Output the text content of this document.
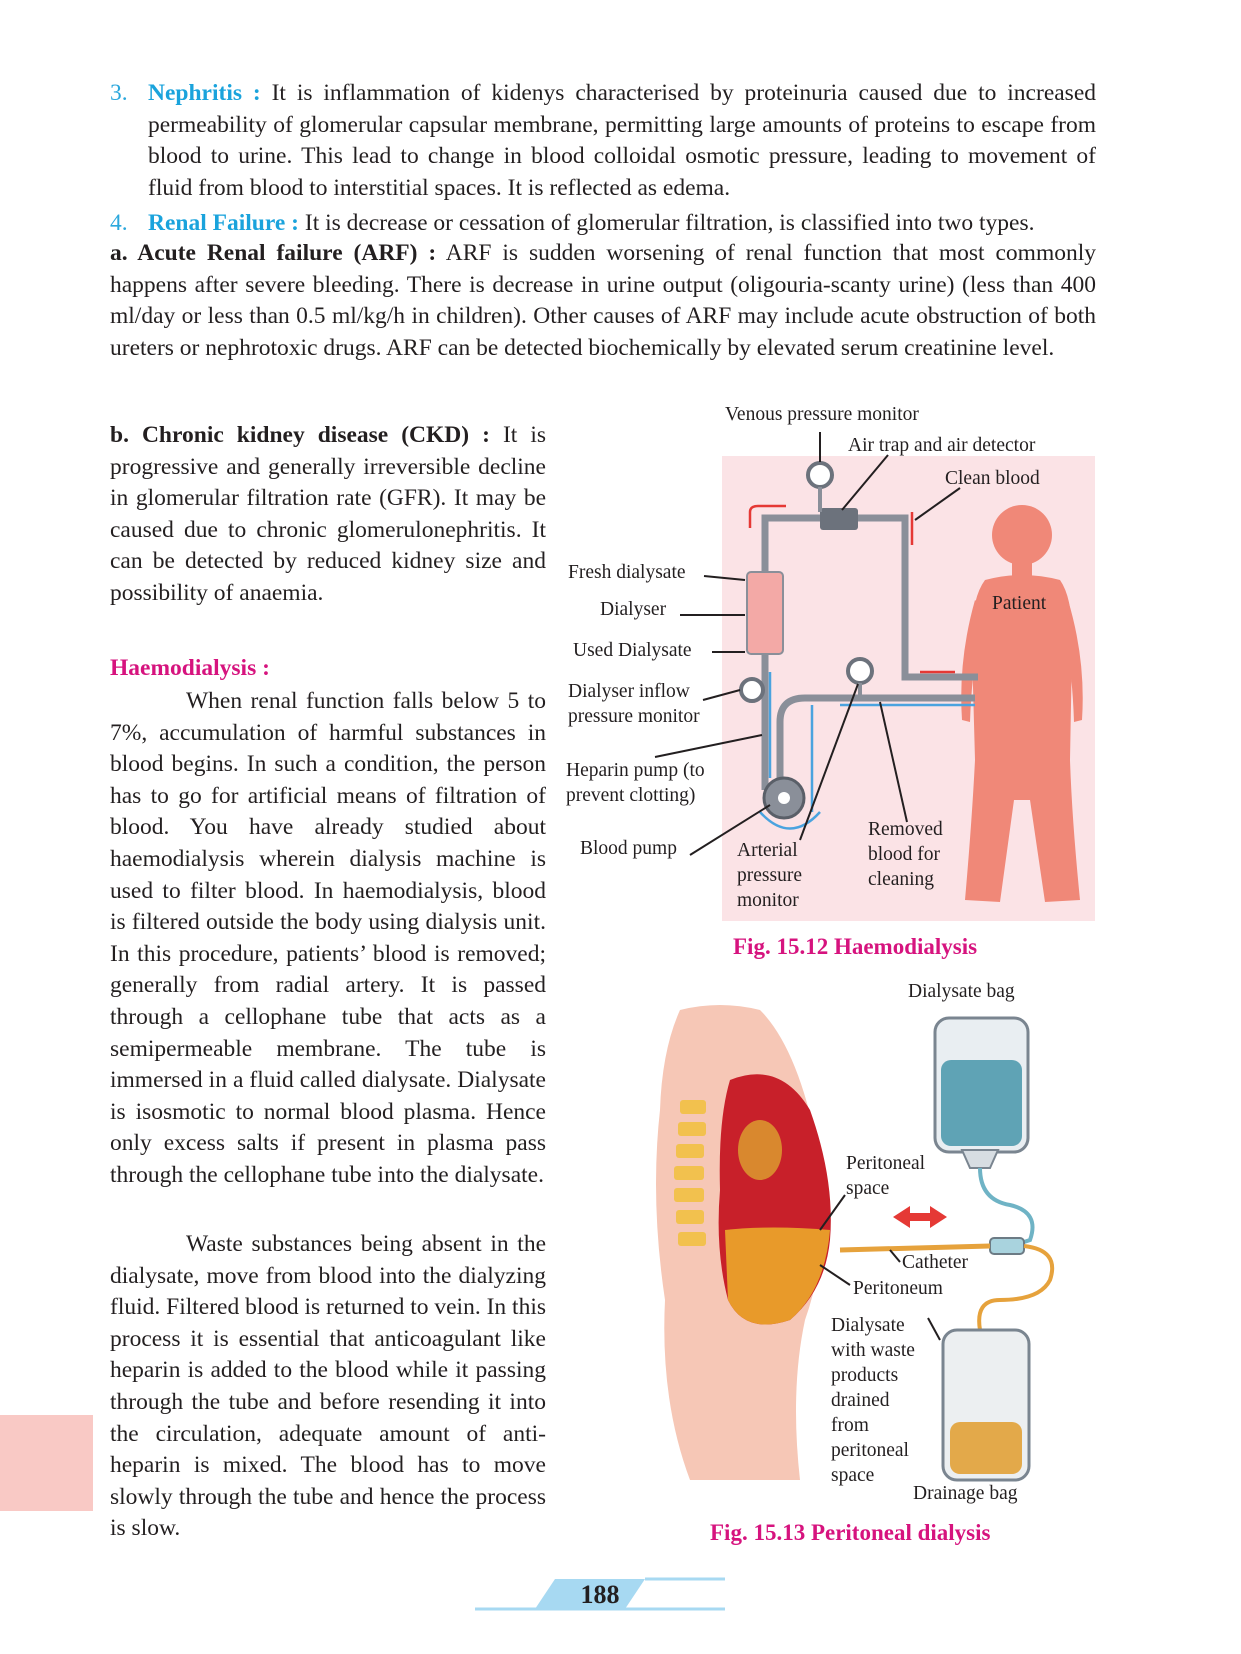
3. Nephritis : It is inflammation of kidenys characterised by proteinuria caused due to increased permeability of glomerular capsular membrane, permitting large amounts of proteins to escape from blood to urine. This lead to change in blood colloidal osmotic pressure, leading to movement of fluid from blood to interstitial spaces. It is reflected as edema.
4. Renal Failure : It is decrease or cessation of glomerular filtration, is classified into two types.

a. Acute Renal failure (ARF) : ARF is sudden worsening of renal function that most commonly happens after severe bleeding. There is decrease in urine output (oligouria-scanty urine) (less than 400 ml/day or less than 0.5 ml/kg/h in children). Other causes of ARF may include acute obstruction of both ureters or nephrotoxic drugs. ARF can be detected biochemically by elevated serum creatinine level.

b. Chronic kidney disease (CKD) : It is progressive and generally irreversible decline in glomerular filtration rate (GFR). It may be caused due to chronic glomerulonephritis. It can be detected by reduced kidney size and possibility of anaemia.

Haemodialysis :

When renal function falls below 5 to 7%, accumulation of harmful substances in blood begins. In such a condition, the person has to go for artificial means of filtration of blood. You have already studied about haemodialysis wherein dialysis machine is used to filter blood. In haemodialysis, blood is filtered outside the body using dialysis unit. In this procedure, patients’ blood is removed; generally from radial artery. It is passed through a cellophane tube that acts as a semipermeable membrane. The tube is immersed in a fluid called dialysate. Dialysate is isosmotic to normal blood plasma. Hence only excess salts if present in plasma pass through the cellophane tube into the dialysate.

Waste substances being absent in the dialysate, move from blood into the dialyzing fluid. Filtered blood is returned to vein. In this process it is essential that anticoagulant like heparin is added to the blood while it passing through the tube and before resending it into the circulation, adequate amount of anti-heparin is mixed. The blood has to move slowly through the tube and hence the process is slow.

Venous pressure monitor
Air trap and air detector
Clean blood
Fresh dialysate
Dialyser	Patient
Used Dialysate
Dialyser inflow
pressure monitor
Heparin pump (to
prevent clotting)
Removed
blood for
cleaning
Blood pump	Arterial
pressure
monitor
Fig. 15.12 Haemodialysis
Dialysate bag
Peritoneal
space
Catheter
Peritoneum
Dialysate
with waste
products
drained
from
peritoneal
space
Drainage bag
Fig. 15.13 Peritoneal dialysis
188
